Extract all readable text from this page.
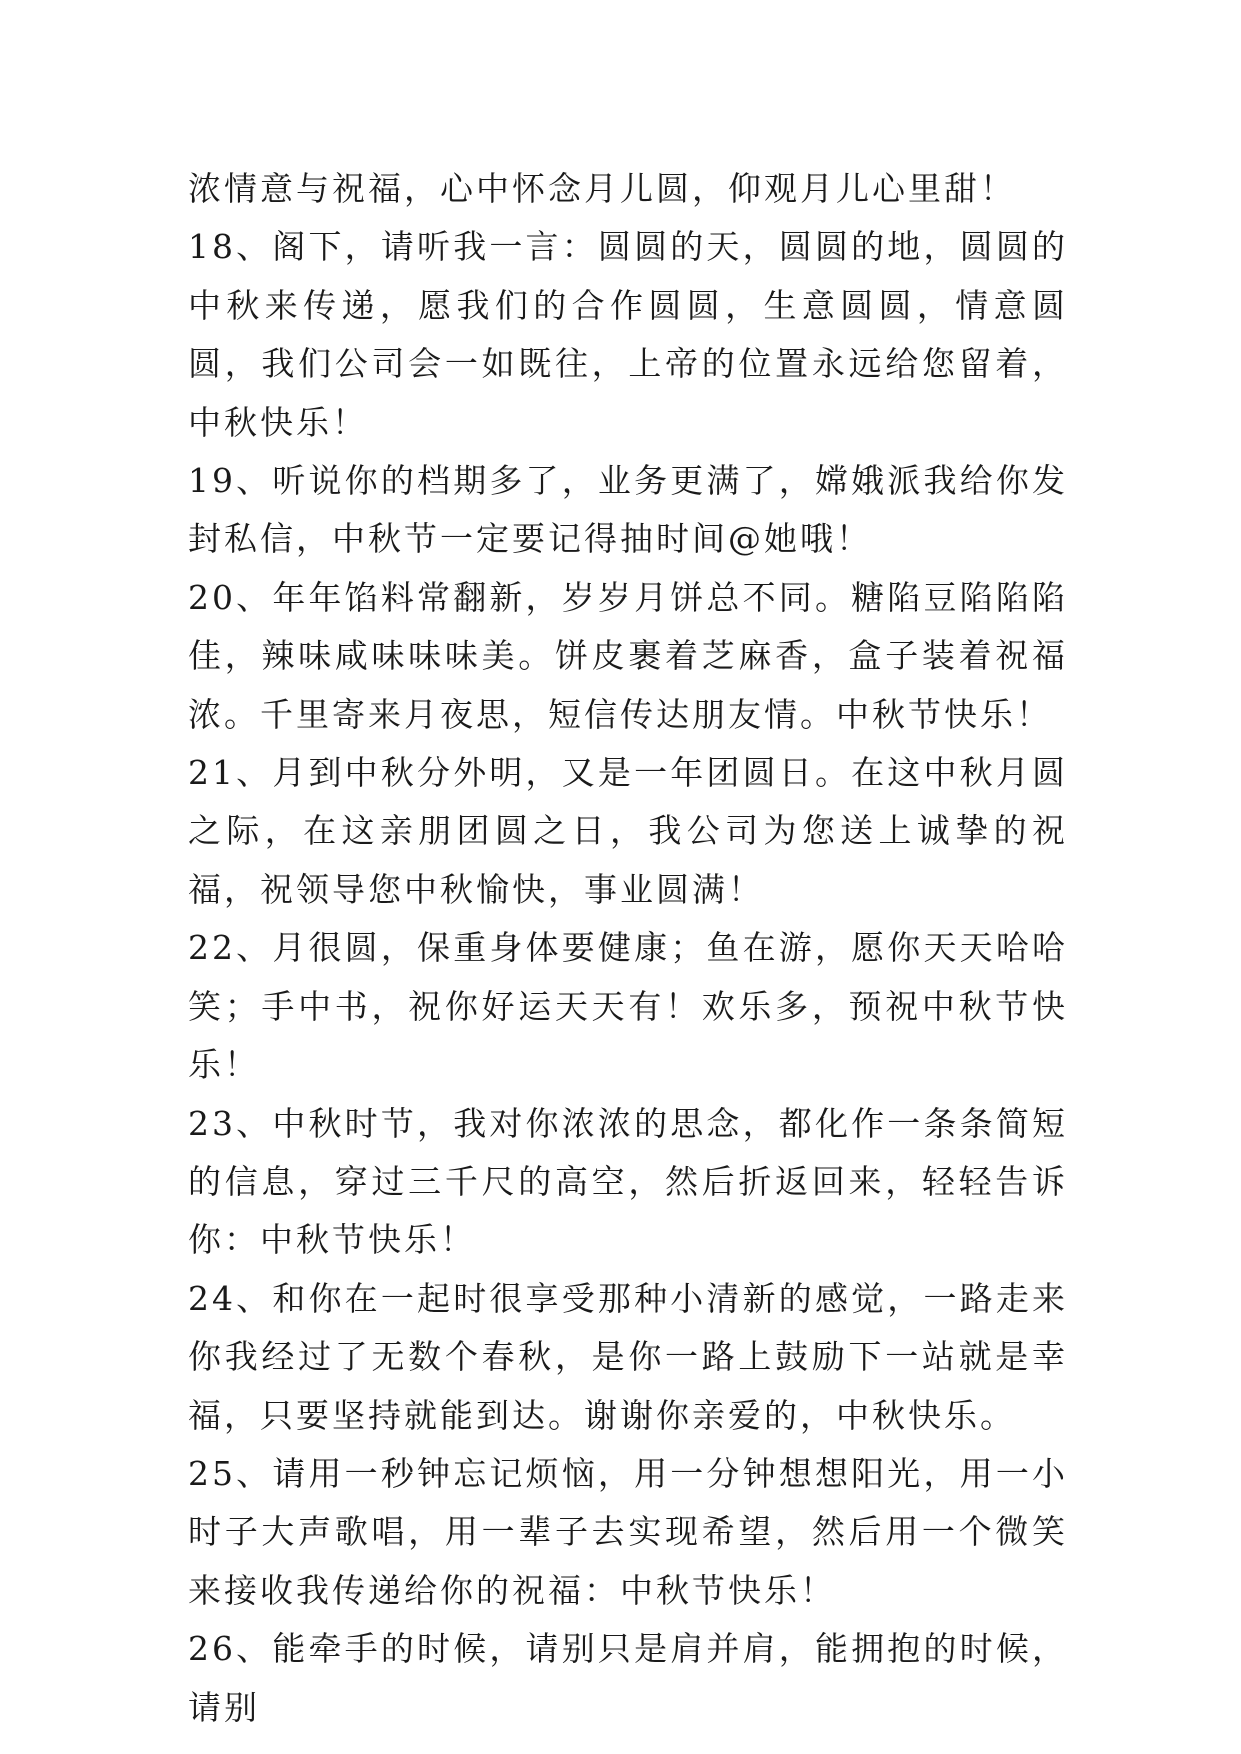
浓情意与祝福，心中怀念月儿圆，仰观月儿心里甜！

18、阁下，请听我一言：圆圆的天，圆圆的地，圆圆的中秋来传递，愿我们的合作圆圆，生意圆圆，情意圆圆，我们公司会一如既往，上帝的位置永远给您留着，中秋快乐！

19、听说你的档期多了，业务更满了，嫦娥派我给你发封私信，中秋节一定要记得抽时间@她哦！

20、年年馅料常翻新，岁岁月饼总不同。糖陷豆陷陷陷佳，辣味咸味味味美。饼皮裹着芝麻香，盒子装着祝福浓。千里寄来月夜思，短信传达朋友情。中秋节快乐！

21、月到中秋分外明，又是一年团圆日。在这中秋月圆之际，在这亲朋团圆之日，我公司为您送上诚挚的祝福，祝领导您中秋愉快，事业圆满！

22、月很圆，保重身体要健康；鱼在游，愿你天天哈哈笑；手中书，祝你好运天天有！欢乐多，预祝中秋节快乐！

23、中秋时节，我对你浓浓的思念，都化作一条条简短的信息，穿过三千尺的高空，然后折返回来，轻轻告诉你：中秋节快乐！

24、和你在一起时很享受那种小清新的感觉，一路走来你我经过了无数个春秋，是你一路上鼓励下一站就是幸福，只要坚持就能到达。谢谢你亲爱的，中秋快乐。

25、请用一秒钟忘记烦恼，用一分钟想想阳光，用一小时子大声歌唱，用一辈子去实现希望，然后用一个微笑来接收我传递给你的祝福：中秋节快乐！

26、能牵手的时候，请别只是肩并肩，能拥抱的时候，请别
